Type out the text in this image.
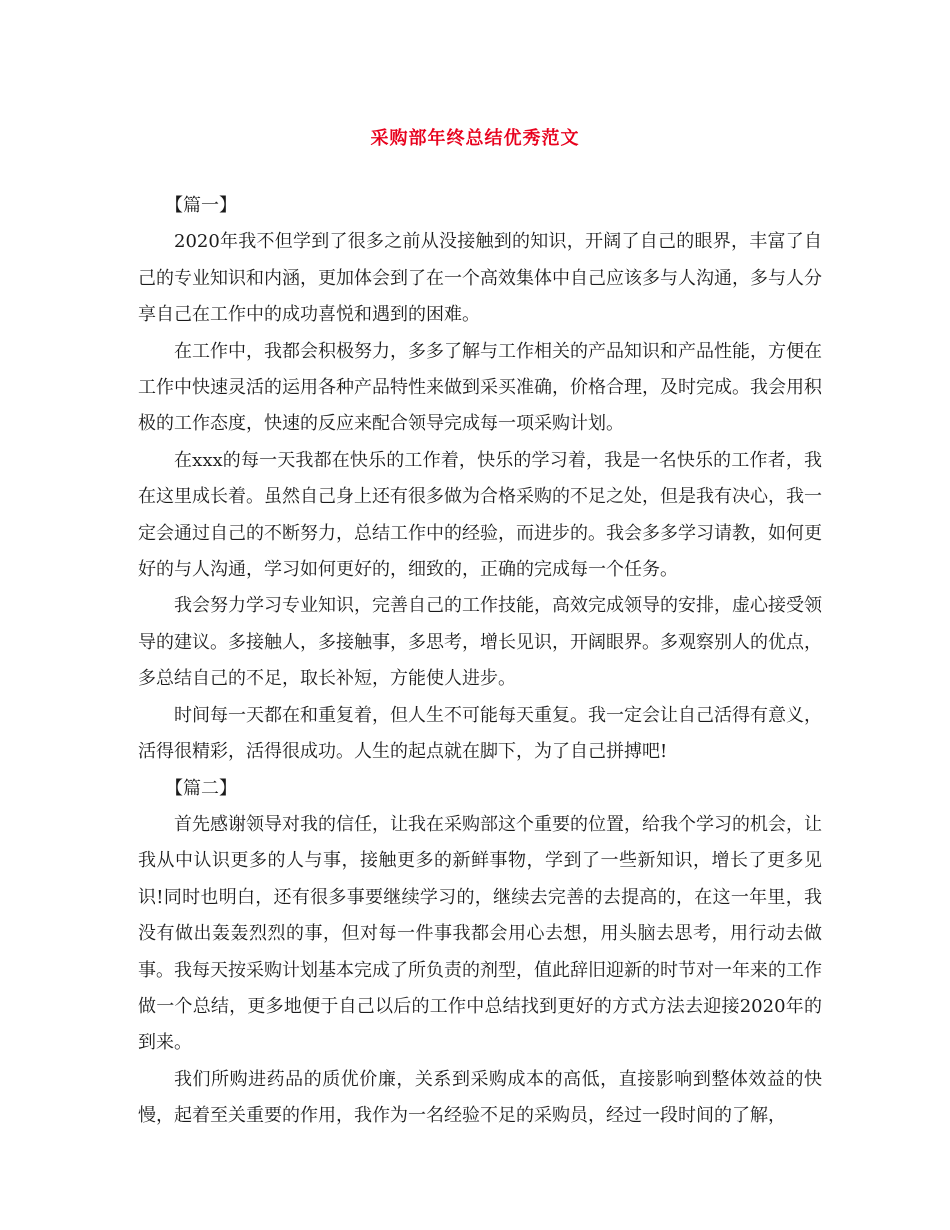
采购部年终总结优秀范文

【篇一】

2020年我不但学到了很多之前从没接触到的知识，开阔了自己的眼界，丰富了自己的专业知识和内涵，更加体会到了在一个高效集体中自己应该多与人沟通，多与人分享自己在工作中的成功喜悦和遇到的困难。

在工作中，我都会积极努力，多多了解与工作相关的产品知识和产品性能，方便在工作中快速灵活的运用各种产品特性来做到采买准确，价格合理，及时完成。我会用积极的工作态度，快速的反应来配合领导完成每一项采购计划。

在xxx的每一天我都在快乐的工作着，快乐的学习着，我是一名快乐的工作者，我在这里成长着。虽然自己身上还有很多做为合格采购的不足之处，但是我有决心，我一定会通过自己的不断努力，总结工作中的经验，而进步的。我会多多学习请教，如何更好的与人沟通，学习如何更好的，细致的，正确的完成每一个任务。

我会努力学习专业知识，完善自己的工作技能，高效完成领导的安排，虚心接受领导的建议。多接触人，多接触事，多思考，增长见识，开阔眼界。多观察别人的优点，多总结自己的不足，取长补短，方能使人进步。

时间每一天都在和重复着，但人生不可能每天重复。我一定会让自己活得有意义，活得很精彩，活得很成功。人生的起点就在脚下，为了自己拼搏吧!

【篇二】

首先感谢领导对我的信任，让我在采购部这个重要的位置，给我个学习的机会，让我从中认识更多的人与事，接触更多的新鲜事物，学到了一些新知识，增长了更多见识!同时也明白，还有很多事要继续学习的，继续去完善的去提高的，在这一年里，我没有做出轰轰烈烈的事，但对每一件事我都会用心去想，用头脑去思考，用行动去做事。我每天按采购计划基本完成了所负责的剂型，值此辞旧迎新的时节对一年来的工作做一个总结，更多地便于自己以后的工作中总结找到更好的方式方法去迎接2020年的到来。

我们所购进药品的质优价廉，关系到采购成本的高低，直接影响到整体效益的快慢，起着至关重要的作用，我作为一名经验不足的采购员，经过一段时间的了解，
